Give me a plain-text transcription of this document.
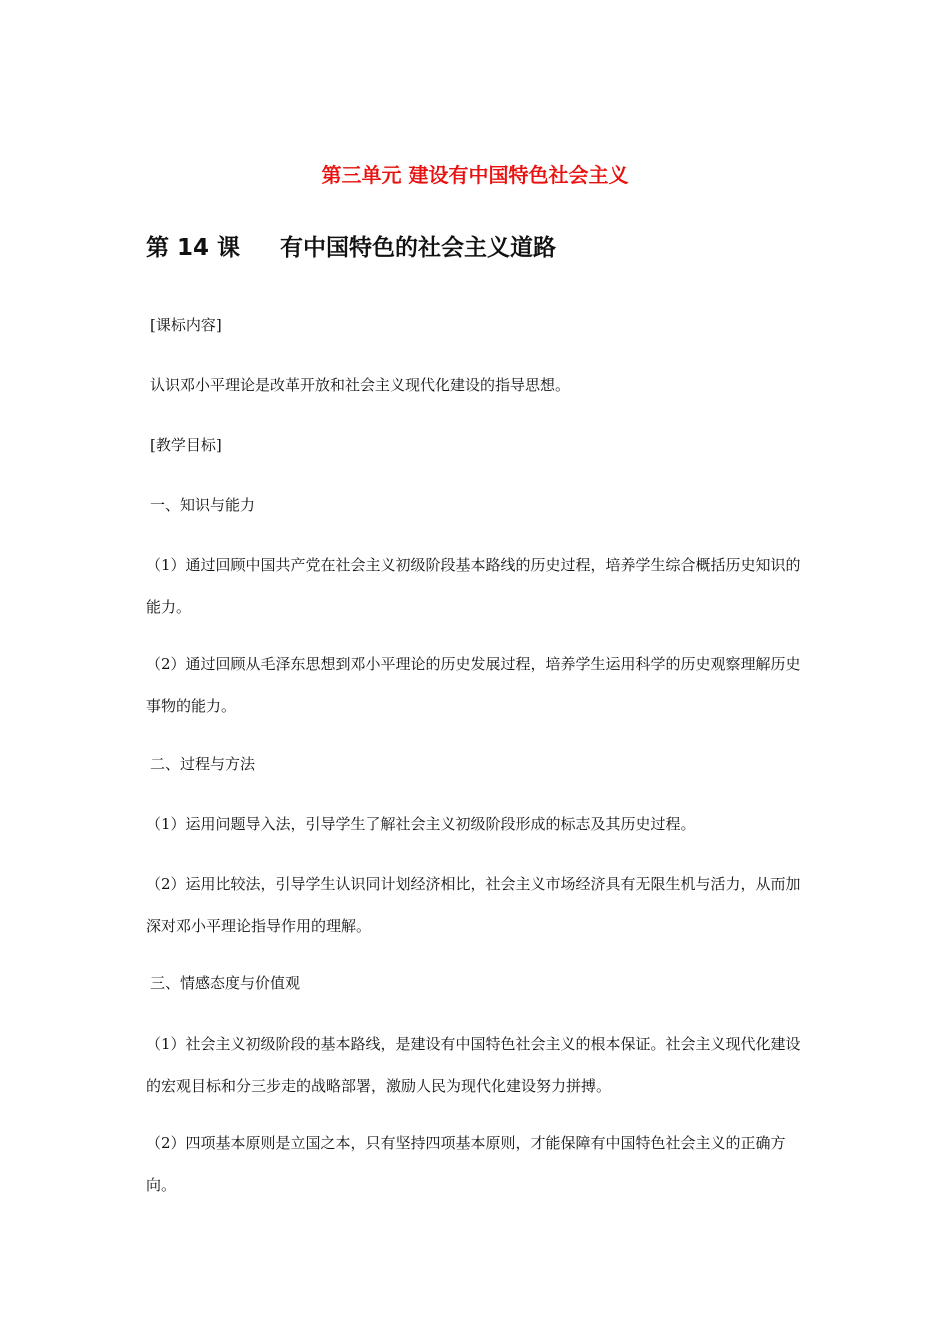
第三单元 建设有中国特色社会主义
第 14 课     有中国特色的社会主义道路
[课标内容]
认识邓小平理论是改革开放和社会主义现代化建设的指导思想。
[教学目标]
一、知识与能力
（1）通过回顾中国共产党在社会主义初级阶段基本路线的历史过程，培养学生综合概括历史知识的能力。
（2）通过回顾从毛泽东思想到邓小平理论的历史发展过程，培养学生运用科学的历史观察理解历史事物的能力。
二、过程与方法
（1）运用问题导入法，引导学生了解社会主义初级阶段形成的标志及其历史过程。
（2）运用比较法，引导学生认识同计划经济相比，社会主义市场经济具有无限生机与活力，从而加深对邓小平理论指导作用的理解。
三、情感态度与价值观
（1）社会主义初级阶段的基本路线，是建设有中国特色社会主义的根本保证。社会主义现代化建设的宏观目标和分三步走的战略部署，激励人民为现代化建设努力拼搏。
（2）四项基本原则是立国之本，只有坚持四项基本原则，才能保障有中国特色社会主义的正确方向。
